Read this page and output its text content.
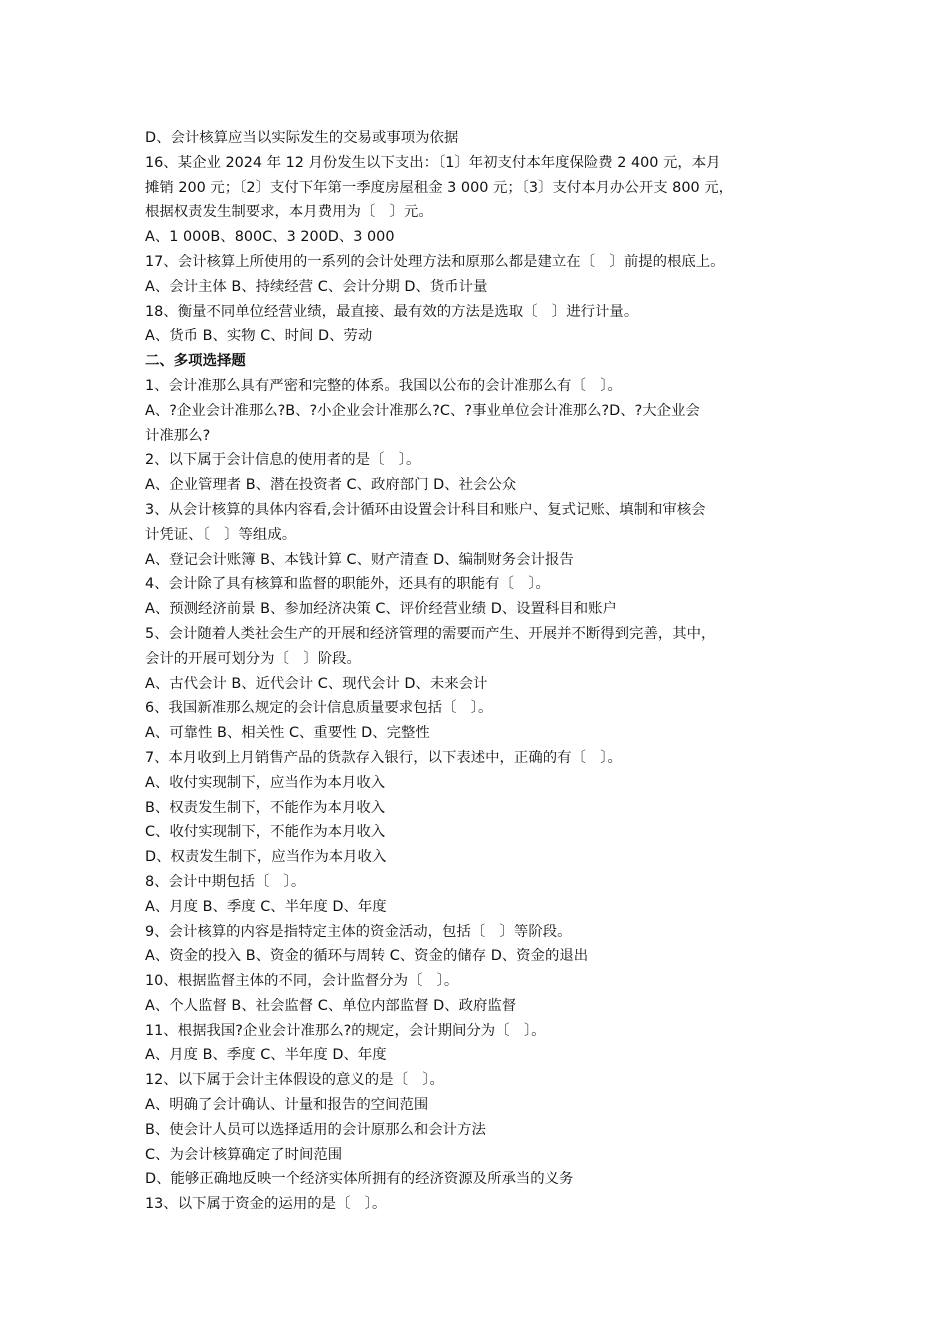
D、会计核算应当以实际发生的交易或事项为依据
16、某企业 2024 年 12 月份发生以下支出：〔1〕年初支付本年度保险费 2 400 元，本月
摊销 200 元；〔2〕支付下年第一季度房屋租金 3 000 元；〔3〕支付本月办公开支 800 元，
根据权责发生制要求，本月费用为〔　〕元。
A、1 000B、800C、3 200D、3 000
17、会计核算上所使用的一系列的会计处理方法和原那么都是建立在〔　〕前提的根底上。
A、会计主体 B、持续经营 C、会计分期 D、货币计量
18、衡量不同单位经营业绩，最直接、最有效的方法是选取〔　〕进行计量。
A、货币 B、实物 C、时间 D、劳动
二、多项选择题
1、会计准那么具有严密和完整的体系。我国以公布的会计准那么有〔　〕。
A、?企业会计准那么?B、?小企业会计准那么?C、?事业单位会计准那么?D、?大企业会
计准那么?
2、以下属于会计信息的使用者的是〔　〕。
A、企业管理者 B、潜在投资者 C、政府部门 D、社会公众
3、从会计核算的具体内容看,会计循环由设置会计科目和账户、复式记账、填制和审核会
计凭证、〔　〕等组成。
A、登记会计账簿 B、本钱计算 C、财产清查 D、编制财务会计报告
4、会计除了具有核算和监督的职能外，还具有的职能有〔　〕。
A、预测经济前景 B、参加经济决策 C、评价经营业绩 D、设置科目和账户
5、会计随着人类社会生产的开展和经济管理的需要而产生、开展并不断得到完善，其中，
会计的开展可划分为〔　〕阶段。
A、古代会计 B、近代会计 C、现代会计 D、未来会计
6、我国新准那么规定的会计信息质量要求包括〔　〕。
A、可靠性 B、相关性 C、重要性 D、完整性
7、本月收到上月销售产品的货款存入银行，以下表述中，正确的有〔　〕。
A、收付实现制下，应当作为本月收入
B、权责发生制下，不能作为本月收入
C、收付实现制下，不能作为本月收入
D、权责发生制下，应当作为本月收入
8、会计中期包括〔　〕。
A、月度 B、季度 C、半年度 D、年度
9、会计核算的内容是指特定主体的资金活动，包括〔　〕等阶段。
A、资金的投入 B、资金的循环与周转 C、资金的储存 D、资金的退出
10、根据监督主体的不同，会计监督分为〔　〕。
A、个人监督 B、社会监督 C、单位内部监督 D、政府监督
11、根据我国?企业会计准那么?的规定，会计期间分为〔　〕。
A、月度 B、季度 C、半年度 D、年度
12、以下属于会计主体假设的意义的是〔　〕。
A、明确了会计确认、计量和报告的空间范围
B、使会计人员可以选择适用的会计原那么和会计方法
C、为会计核算确定了时间范围
D、能够正确地反映一个经济实体所拥有的经济资源及所承当的义务
13、以下属于资金的运用的是〔　〕。
